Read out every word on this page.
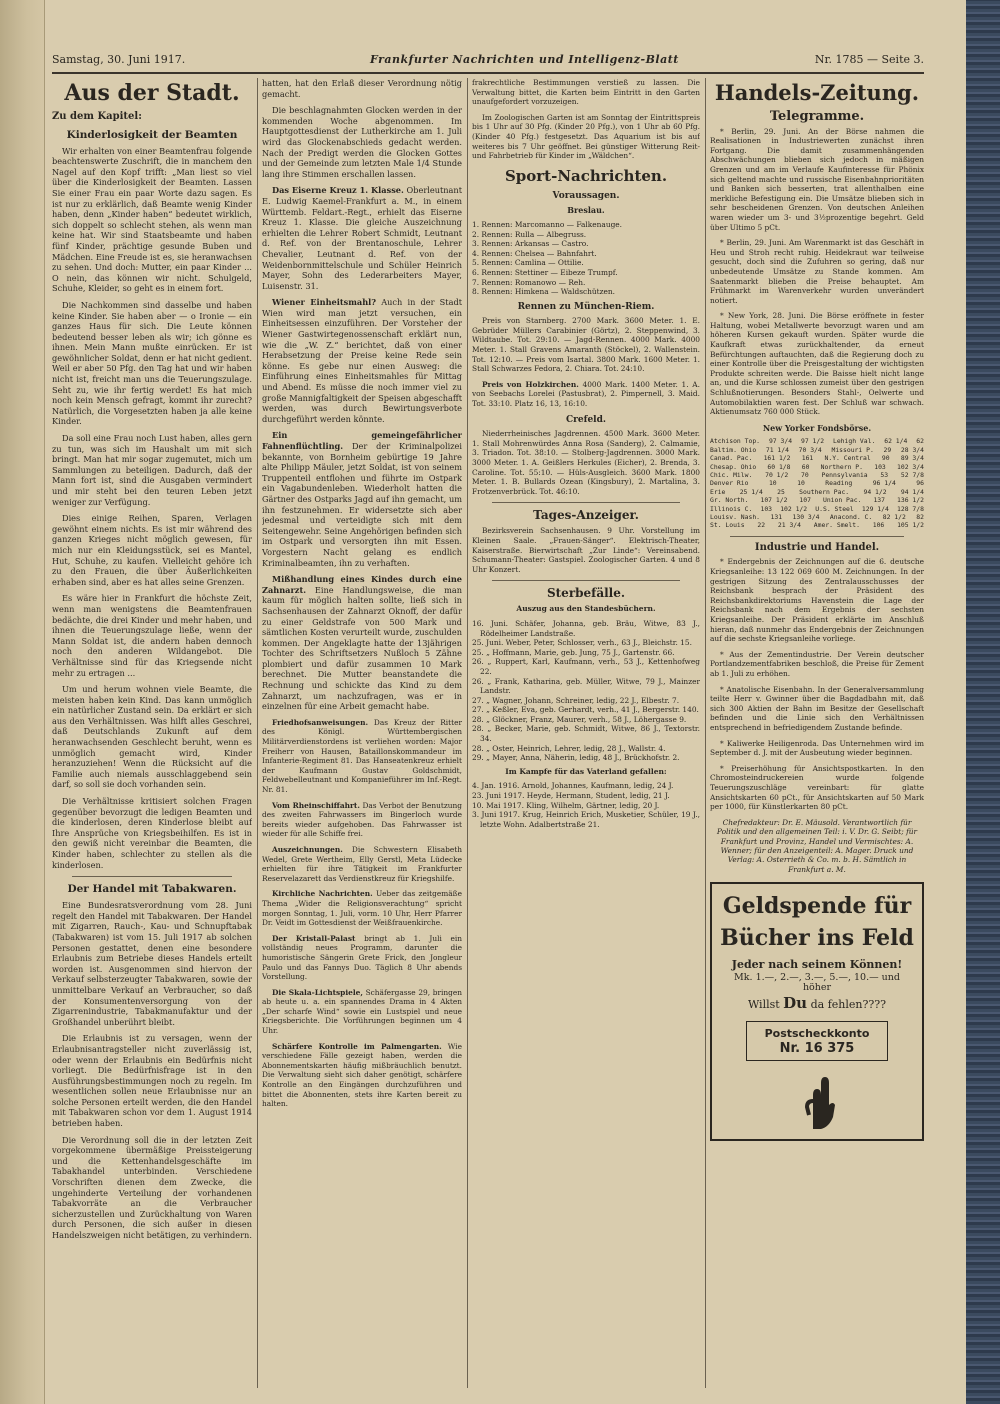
Samstag, 30. Juni 1917.	Frankfurter Nachrichten und Intelligenz-Blatt	Nr. 1785 — Seite 3.
Aus der Stadt.
Zu dem Kapitel:
Kinderlosigkeit der Beamten

Wir erhalten von einer Beamtenfrau folgende beachtenswerte Zuschrift, die in manchem den Nagel auf den Kopf trifft: „Man liest so viel über die Kinderlosigkeit der Beamten. Lassen Sie einer Frau ein paar Worte dazu sagen. Es ist nur zu erklärlich, daß Beamte wenig Kinder haben, denn „Kinder haben“ bedeutet wirklich, sich doppelt so schlecht stehen, als wenn man keine hat. Wir sind Staatsbeamte und haben fünf Kinder, prächtige gesunde Buben und Mädchen. Eine Freude ist es, sie heranwachsen zu sehen. Und doch: Mutter, ein paar Kinder ... O nein, das können wir nicht. Schulgeld, Schuhe, Kleider, so geht es in einem fort.

Die Nachkommen sind dasselbe und haben keine Kinder. Sie haben aber — o Ironie — ein ganzes Haus für sich. Die Leute können bedeutend besser leben als wir; ich gönne es ihnen. Mein Mann mußte einrücken. Er ist gewöhnlicher Soldat, denn er hat nicht gedient. Weil er aber 50 Pfg. den Tag hat und wir haben nicht ist, freicht man uns die Teuerungszulage. Seht zu, wie ihr fertig werdet! Es hat mich noch kein Mensch gefragt, kommt ihr zurecht? Natürlich, die Vorgesetzten haben ja alle keine Kinder.

Da soll eine Frau noch Lust haben, alles gern zu tun, was sich im Haushalt um mit sich bringt. Man hat mir sogar zugemutet, mich um Sammlungen zu beteiligen. Dadurch, daß der Mann fort ist, sind die Ausgaben vermindert und mir steht bei den teuren Leben jetzt weniger zur Verfügung.

Dies einige Reihen, Sparen, Verlagen gewöhnt einem nichts. Es ist mir während des ganzen Krieges nicht möglich gewesen, für mich nur ein Kleidungsstück, sei es Mantel, Hut, Schuhe, zu kaufen. Vielleicht gehöre ich zu den Frauen, die über Äußerlichkeiten erhaben sind, aber es hat alles seine Grenzen.

Es wäre hier in Frankfurt die höchste Zeit, wenn man wenigstens die Beamtenfrauen bedächte, die drei Kinder und mehr haben, und ihnen die Teuerungszulage ließe, wenn der Mann Soldat ist, die andern haben dennoch noch den anderen Wildangebot. Die Verhältnisse sind für das Kriegsende nicht mehr zu ertragen ...

Um und herum wohnen viele Beamte, die meisten haben kein Kind. Das kann unmöglich ein natürlicher Zustand sein. Da erklärt er sich aus den Verhältnissen. Was hilft alles Geschrei, daß Deutschlands Zukunft auf dem heranwachsenden Geschlecht beruht, wenn es unmöglich gemacht wird, Kinder heranzuziehen! Wenn die Rücksicht auf die Familie auch niemals ausschlaggebend sein darf, so soll sie doch vorhanden sein.

Die Verhältnisse kritisiert solchen Fragen gegenüber bevorzugt die ledigen Beamten und die kinderlosen, deren Kinderlose bleibt auf Ihre Ansprüche von Kriegsbeihilfen. Es ist in den gewiß nicht vereinbar die Beamten, die Kinder haben, schlechter zu stellen als die kinderlosen.

Der Handel mit Tabakwaren.

Eine Bundesratsverordnung vom 28. Juni regelt den Handel mit Tabakwaren. Der Handel mit Zigarren, Rauch-, Kau- und Schnupftabak (Tabakwaren) ist vom 15. Juli 1917 ab solchen Personen gestattet, denen eine besondere Erlaubnis zum Betriebe dieses Handels erteilt worden ist. Ausgenommen sind hiervon der Verkauf selbsterzeugter Tabakwaren, sowie der unmittelbare Verkauf an Verbraucher, so daß der Konsumentenversorgung von der Zigarrenindustrie, Tabakmanufaktur und der Großhandel unberührt bleibt.

Die Erlaubnis ist zu versagen, wenn der Erlaubnisantragsteller nicht zuverlässig ist, oder wenn der Erlaubnis ein Bedürfnis nicht vorliegt. Die Bedürfnisfrage ist in den Ausführungsbestimmungen noch zu regeln. Im wesentlichen sollen neue Erlaubnisse nur an solche Personen erteilt werden, die den Handel mit Tabakwaren schon vor dem 1. August 1914 betrieben haben.

Die Verordnung soll die in der letzten Zeit vorgekommene übermäßige Preissteigerung und die Kettenhandelsgeschäfte im Tabakhandel unterbinden. Verschiedene Vorschriften dienen dem Zwecke, die ungehinderte Verteilung der vorhandenen Tabakvorräte an die Verbraucher sicherzustellen und Zurückhaltung von Waren durch Personen, die sich außer in diesen Handelszweigen nicht betätigen, zu verhindern.

hatten, hat den Erlaß dieser Verordnung nötig gemacht.

Die beschlagnahmten Glocken werden in der kommenden Woche abgenommen. Im Hauptgottesdienst der Lutherkirche am 1. Juli wird das Glockenabschieds gedacht werden. Nach der Predigt werden die Glocken Gottes und der Gemeinde zum letzten Male 1/4 Stunde lang ihre Stimmen erschallen lassen.

Das Eiserne Kreuz 1. Klasse. Oberleutnant E. Ludwig Kaemel-Frankfurt a. M., in einem Württemb. Feldart.-Regt., erhielt das Eiserne Kreuz 1. Klasse. Die gleiche Auszeichnung erhielten die Lehrer Robert Schmidt, Leutnant d. Ref. von der Brentanoschule, Lehrer Chevalier, Leutnant d. Ref. von der Weidenbornmittelschule und Schüler Heinrich Mayer, Sohn des Lederarbeiters Mayer, Luisenstr. 31.

Wiener Einheitsmahl? Auch in der Stadt Wien wird man jetzt versuchen, ein Einheitsessen einzuführen. Der Vorsteher der Wiener Gastwirtegenossenschaft erklärt nun, wie die „W. Z.“ berichtet, daß von einer Herabsetzung der Preise keine Rede sein könne. Es gebe nur einen Ausweg: die Einführung eines Einheitsmahles für Mittag und Abend. Es müsse die noch immer viel zu große Mannigfaltigkeit der Speisen abgeschafft werden, was durch Bewirtungsverbote durchgeführt werden könnte.

Ein gemeingefährlicher Fahnenflüchtling. Der der Kriminalpolizei bekannte, von Bornheim gebürtige 19 Jahre alte Philipp Mäuler, jetzt Soldat, ist von seinem Truppenteil entflohen und führte im Ostpark ein Vagabundenleben. Wiederholt hatten die Gärtner des Ostparks Jagd auf ihn gemacht, um ihn festzunehmen. Er widersetzte sich aber jedesmal und verteidigte sich mit dem Seitengewehr. Seine Angehörigen befinden sich im Ostpark und versorgten ihn mit Essen. Vorgestern Nacht gelang es endlich Kriminalbeamten, ihn zu verhaften.

Mißhandlung eines Kindes durch eine Zahnarzt. Eine Handlungsweise, die man kaum für möglich halten sollte, ließ sich in Sachsenhausen der Zahnarzt Oknoff, der dafür zu einer Geldstrafe von 500 Mark und sämtlichen Kosten verurteilt wurde, zuschulden kommen. Der Angeklagte hatte der 13jährigen Tochter des Schriftsetzers Nußloch 5 Zähne plombiert und dafür zusammen 10 Mark berechnet. Die Mutter beanstandete die Rechnung und schickte das Kind zu dem Zahnarzt, um nachzufragen, was er in einzelnen für eine Arbeit gemacht habe.

Friedhofsanweisungen. Das Kreuz der Ritter des Königl. Württembergischen Militärverdienstordens ist verliehen worden: Major Freiherr von Hausen, Bataillonskommandeur im Infanterie-Regiment 81. Das Hanseatenkreuz erhielt der Kaufmann Gustav Goldschmidt, Feldwebelleutnant und Kompanieführer im Inf.-Regt. Nr. 81.

Vom Rheinschiffahrt. Das Verbot der Benutzung des zweiten Fahrwassers im Bingerloch wurde bereits wieder aufgehoben. Das Fahrwasser ist wieder für alle Schiffe frei.

Auszeichnungen. Die Schwestern Elisabeth Wedel, Grete Wertheim, Elly Gerstl, Meta Lüdecke erhielten für ihre Tätigkeit im Frankfurter Reservelazarett das Verdienstkreuz für Kriegshilfe.

Kirchliche Nachrichten. Ueber das zeitgemäße Thema „Wider die Religionsverachtung“ spricht morgen Sonntag, 1. Juli, vorm. 10 Uhr, Herr Pfarrer Dr. Veidt im Gottesdienst der Weißfrauenkirche.

Der Kristall-Palast bringt ab 1. Juli ein vollständig neues Programm, darunter die humoristische Sängerin Grete Frick, den Jongleur Paulo und das Fannys Duo. Täglich 8 Uhr abends Vorstellung.

Die Skala-Lichtspiele, Schäfergasse 29, bringen ab heute u. a. ein spannendes Drama in 4 Akten „Der scharfe Wind“ sowie ein Lustspiel und neue Kriegsberichte. Die Vorführungen beginnen um 4 Uhr.

Schärfere Kontrolle im Palmengarten. Wie verschiedene Fälle gezeigt haben, werden die Abonnementskarten häufig mißbräuchlich benutzt. Die Verwaltung sieht sich daher genötigt, schärfere Kontrolle an den Eingängen durchzuführen und bittet die Abonnenten, stets ihre Karten bereit zu halten.

frakrechtliche Bestimmungen verstieß zu lassen. Die Verwaltung bittet, die Karten beim Eintritt in den Garten unaufgefordert vorzuzeigen.

Im Zoologischen Garten ist am Sonntag der Eintrittspreis bis 1 Uhr auf 30 Pfg. (Kinder 20 Pfg.), von 1 Uhr ab 60 Pfg. (Kinder 40 Pfg.) festgesetzt. Das Aquarium ist bis auf weiteres bis 7 Uhr geöffnet. Bei günstiger Witterung Reit- und Fahrbetrieb für Kinder im „Wäldchen“.

Sport-Nachrichten.
Voraussagen.
Breslau.
1. Rennen: Marcomanno — Falkenauge.
2. Rennen: Rulla — Albegruss.
3. Rennen: Arkansas — Castro.
4. Rennen: Chelsea — Bahnfahrt.
5. Rennen: Camlina — Ottilie.
6. Rennen: Stettiner — Eibeze Trumpf.
7. Rennen: Romanowo — Reh.
8. Rennen: Himkena — Waldschützen.
Rennen zu München-Riem.

Preis von Starnberg. 2700 Mark. 3600 Meter. 1. E. Gebrüder Müllers Carabinier (Görtz), 2. Steppenwind, 3. Wildtaube. Tot. 29:10. — Jagd-Rennen. 4000 Mark. 4000 Meter. 1. Stall Gravens Amaranth (Stöckel), 2. Wallenstein. Tot. 12:10. — Preis vom Isartal. 3800 Mark. 1600 Meter. 1. Stall Schwarzes Fedora, 2. Chiara. Tot. 24:10.

Preis von Holzkirchen. 4000 Mark. 1400 Meter. 1. A. von Seebachs Lorelei (Pastusbrat), 2. Pimpernell, 3. Maid. Tot. 33:10. Platz 16, 13, 16:10.

Crefeld.

Niederrheinisches Jagdrennen. 4500 Mark. 3600 Meter. 1. Stall Mohrenwürdes Anna Rosa (Sanderg), 2. Calmamie, 3. Triadon. Tot. 38:10. — Stolberg-Jagdrennen. 3000 Mark. 3000 Meter. 1. A. Geißlers Herkules (Eicher), 2. Brenda, 3. Caroline. Tot. 55:10. — Hüls-Ausgleich. 3600 Mark. 1800 Meter. 1. B. Bullards Ozean (Kingsbury), 2. Martalina, 3. Frotzenverbrück. Tot. 46:10.

Tages-Anzeiger.

Bezirksverein Sachsenhausen. 9 Uhr. Vorstellung im Kleinen Saale. „Frauen-Sänger“. Elektrisch-Theater, Kaiserstraße. Bierwirtschaft „Zur Linde“: Vereinsabend. Schumann-Theater: Gastspiel. Zoologischer Garten. 4 und 8 Uhr Konzert.

Sterbefälle.
Auszug aus den Standesbüchern.
16. Juni. Schäfer, Johanna, geb. Bräu, Witwe, 83 J., Rödelheimer Landstraße.
25. Juni. Weber, Peter, Schlosser, verh., 63 J., Bleichstr. 15.
25. „ Hoffmann, Marie, geb. Jung, 75 J., Gartenstr. 66.
26. „ Ruppert, Karl, Kaufmann, verh., 53 J., Kettenhofweg 22.
26. „ Frank, Katharina, geb. Müller, Witwe, 79 J., Mainzer Landstr.
27. „ Wagner, Johann, Schreiner, ledig, 22 J., Elbestr. 7.
27. „ Keßler, Eva, geb. Gerhardt, verh., 41 J., Bergerstr. 140.
28. „ Glöckner, Franz, Maurer, verh., 58 J., Löhergasse 9.
28. „ Becker, Marie, geb. Schmidt, Witwe, 86 J., Textorstr. 34.
28. „ Oster, Heinrich, Lehrer, ledig, 28 J., Wallstr. 4.
29. „ Mayer, Anna, Näherin, ledig, 48 J., Brückhofstr. 2.
Im Kampfe für das Vaterland gefallen:
4. Jan. 1916. Arnold, Johannes, Kaufmann, ledig, 24 J.
23. Juni 1917. Heyde, Hermann, Student, ledig, 21 J.
10. Mai 1917. Kling, Wilhelm, Gärtner, ledig, 20 J.
3. Juni 1917. Krug, Heinrich Erich, Musketier, Schüler, 19 J., letzte Wohn. Adalbertstraße 21.
Handels-Zeitung.
Telegramme.

* Berlin, 29. Juni. An der Börse nahmen die Realisationen in Industriewerten zunächst ihren Fortgang. Die damit zusammenhängenden Abschwächungen blieben sich jedoch in mäßigen Grenzen und am im Verlaufe Kaufinteresse für Phönix sich geltend machte und russische Eisenbahnprioritäten und Banken sich besserten, trat allenthalben eine merkliche Befestigung ein. Die Umsätze blieben sich in sehr bescheidenen Grenzen. Von deutschen Anleihen waren wieder um 3- und 3½prozentige begehrt. Geld über Ultimo 5 pCt.

* Berlin, 29. Juni. Am Warenmarkt ist das Geschäft in Heu und Stroh recht ruhig. Heidekraut war teilweise gesucht, doch sind die Zufuhren so gering, daß nur unbedeutende Umsätze zu Stande kommen. Am Saatenmarkt blieben die Preise behauptet. Am Frühmarkt im Warenverkehr wurden unverändert notiert.

* New York, 28. Juni. Die Börse eröffnete in fester Haltung, wobei Metallwerte bevorzugt waren und am höheren Kursen gekauft wurden. Später wurde die Kaufkraft etwas zurückhaltender, da erneut Befürchtungen auftauchten, daß die Regierung doch zu einer Kontrolle über die Preisgestaltung der wichtigsten Produkte schreiten werde. Die Baisse hielt nicht lange an, und die Kurse schlossen zumeist über den gestrigen Schlußnotierungen. Besonders Stahl-, Oelwerte und Automobilaktien waren fest. Der Schluß war schwach. Aktienumsatz 760 000 Stück.

New Yorker Fondsbörse.
Atchison Top. 97 3/4 97 1/2 Lehigh Val. 62 1/4 62
Baltim. Ohio 71 1/4 70 3/4 Missouri P. 29 28 3/4
Canad. Pac. 161 1/2 161 N.Y. Central 90 89 3/4
Chesap. Ohio 60 1/8 60 Northern P. 103 102 3/4
Chic. Milw. 70 1/2 70 Pennsylvania 53 52 7/8
Denver Rio	10	10	Reading	96 1/4	96
Erie 25 1/4 25 Southern Pac. 94 1/2 94 1/4
Gr. North. 107 1/2 107 Union Pac. 137 136 1/2
Illinois C. 103 102 1/2 U.S. Steel 129 1/4 128 7/8
Louisv. Nash. 131 130 3/4 Anacond. C. 82 1/2 82
St. Louis 22 21 3/4 Amer. Smelt. 106 105 1/2
Industrie und Handel.

* Endergebnis der Zeichnungen auf die 6. deutsche Kriegsanleihe: 13 122 069 600 M. Zeichnungen. In der gestrigen Sitzung des Zentralausschusses der Reichsbank besprach der Präsident des Reichsbankdirektoriums Havenstein die Lage der Reichsbank nach dem Ergebnis der sechsten Kriegsanleihe. Der Präsident erklärte im Anschluß hieran, daß nunmehr das Endergebnis der Zeichnungen auf die sechste Kriegsanleihe vorliege.

* Aus der Zementindustrie. Der Verein deutscher Portlandzementfabriken beschloß, die Preise für Zement ab 1. Juli zu erhöhen.

* Anatolische Eisenbahn. In der Generalversammlung teilte Herr v. Gwinner über die Bagdadbahn mit, daß sich 300 Aktien der Bahn im Besitze der Gesellschaft befinden und die Linie sich den Verhältnissen entsprechend in befriedigendem Zustande befinde.

* Kaliwerke Heiligenroda. Das Unternehmen wird im September d. J. mit der Ausbeutung wieder beginnen.

* Preiserhöhung für Ansichtspostkarten. In den Chromosteindruckereien wurde folgende Teuerungszuschläge vereinbart: für glatte Ansichtskarten 60 pCt., für Ansichtskarten auf 50 Mark per 1000, für Künstlerkarten 80 pCt.

Chefredakteur: Dr. E. Mäusold. Verantwortlich für Politik und den allgemeinen Teil: i. V. Dr. G. Seibt; für Frankfurt und Provinz, Handel und Vermischtes: A. Wenner; für den Anzeigenteil: A. Mager. Druck und Verlag: A. Osterrieth & Co. m. b. H. Sämtlich in Frankfurt a. M.
Geldspende für
Bücher ins Feld
Jeder nach seinem Können!
Mk. 1.—, 2.—, 3.—, 5.—, 10.— und höher
Willst Du da fehlen????
Postscheckkonto
Nr. 16 375
